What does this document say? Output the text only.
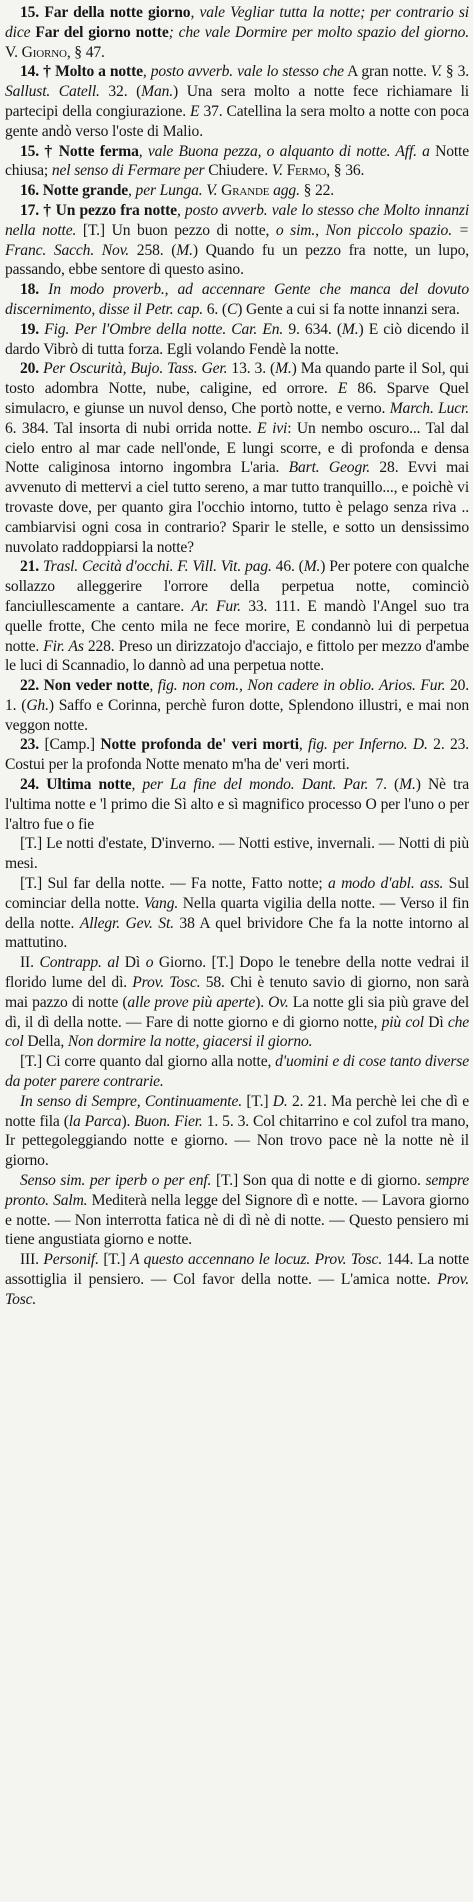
15. Far della notte giorno, vale Vegliar tutta la notte; per contrario si dice Far del giorno notte; che vale Dormire per molto spazio del giorno. V. Giorno, § 47.

14. † Molto a notte, posto avverb. vale lo stesso che A gran notte. V. § 3. Sallust. Catell. 32. (Man.) Una sera molto a notte fece richiamare li partecipi della congiurazione. E 37. Catellina la sera molto a notte con poca gente andò verso l'oste di Malio.

15. † Notte ferma, vale Buona pezza, o alquanto di notte. Aff. a Notte chiusa; nel senso di Fermare per Chiudere. V. Fermo, § 36.

16. Notte grande, per Lunga. V. Grande agg. § 22.

17. † Un pezzo fra notte, posto avverb. vale lo stesso che Molto innanzi nella notte. [T.] Un buon pezzo di notte, o sim., Non piccolo spazio. = Franc. Sacch. Nov. 258. (M.) Quando fu un pezzo fra notte, un lupo, passando, ebbe sentore di questo asino.

18. In modo proverb., ad accennare Gente che manca del dovuto discernimento, disse il Petr. cap. 6. (C) Gente a cui si fa notte innanzi sera.

19. Fig. Per l'Ombre della notte. Car. En. 9. 634. (M.) E ciò dicendo il dardo Vibrò di tutta forza. Egli volando Fendè la notte.

20. Per Oscurità, Bujo. Tass. Ger. 13. 3. (M.) Ma quando parte il Sol, qui tosto adombra Notte, nube, caligine, ed orrore. E 86. Sparve Quel simulacro, e giunse un nuvol denso, Che portò notte, e verno. March. Lucr. 6. 384. Tal insorta di nubi orrida notte. E ivi: Un nembo oscuro... Tal dal cielo entro al mar cade nell'onde, E lungi scorre, e di profonda e densa Notte caliginosa intorno ingombra L'aria. Bart. Geogr. 28. Evvi mai avvenuto di mettervi a ciel tutto sereno, a mar tutto tranquillo..., e poichè vi trovaste dove, per quanto gira l'occhio intorno, tutto è pelago senza riva .. cambiarvisi ogni cosa in contrario? Sparir le stelle, e sotto un densissimo nuvolato raddoppiarsi la notte?

21. Trasl. Cecità d'occhi. F. Vill. Vit. pag. 46. (M.) Per potere con qualche sollazzo alleggerire l'orrore della perpetua notte, cominciò fanciullescamente a cantare. Ar. Fur. 33. 111. E mandò l'Angel suo tra quelle frotte, Che cento mila ne fece morire, E condannò lui di perpetua notte. Fir. As 228. Preso un dirizzatojo d'acciajo, e fittolo per mezzo d'ambe le luci di Scannadio, lo dannò ad una perpetua notte.

22. Non veder notte, fig. non com., Non cadere in oblio. Arios. Fur. 20. 1. (Gh.) Saffo e Corinna, perchè furon dotte, Splendono illustri, e mai non veggon notte.

23. [Camp.] Notte profonda de' veri morti, fig. per Inferno. D. 2. 23. Costui per la profonda Notte menato m'ha de' veri morti.

24. Ultima notte, per La fine del mondo. Dant. Par. 7. (M.) Nè tra l'ultima notte e 'l primo die Sì alto e sì magnifico processo O per l'uno o per l'altro fue o fie

[T.] Le notti d'estate, D'inverno. — Notti estive, invernali. — Notti di più mesi.

[T.] Sul far della notte. — Fa notte, Fatto notte; a modo d'abl. ass. Sul cominciar della notte. Vang. Nella quarta vigilia della notte. — Verso il fin della notte. Allegr. Gev. St. 38 A quel brividore Che fa la notte intorno al mattutino.

II. Contrapp. al Dì o Giorno. [T.] Dopo le tenebre della notte vedrai il florido lume del dì. Prov. Tosc. 58. Chi è tenuto savio di giorno, non sarà mai pazzo di notte (alle prove più aperte). Ov. La notte gli sia più grave del dì, il dì della notte. — Fare di notte giorno e di giorno notte, più col Dì che col Della, Non dormire la notte, giacersi il giorno.

[T.] Ci corre quanto dal giorno alla notte, d'uomini e di cose tanto diverse da poter parere contrarie.

In senso di Sempre, Continuamente. [T.] D. 2. 21. Ma perchè lei che dì e notte fila (la Parca). Buon. Fier. 1. 5. 3. Col chitarrino e col zufol tra mano, Ir pettegoleggiando notte e giorno. — Non trovo pace nè la notte nè il giorno.

Senso sim. per iperb o per enf. [T.] Son qua di notte e di giorno. sempre pronto. Salm. Mediterà nella legge del Signore dì e notte. — Lavora giorno e notte. — Non interrotta fatica nè di dì nè di notte. — Questo pensiero mi tiene angustiata giorno e notte.

III. Personif. [T.] A questo accennano le locuz. Prov. Tosc. 144. La notte assottiglia il pensiero. — Col favor della notte. — L'amica notte. Prov. Tosc.
